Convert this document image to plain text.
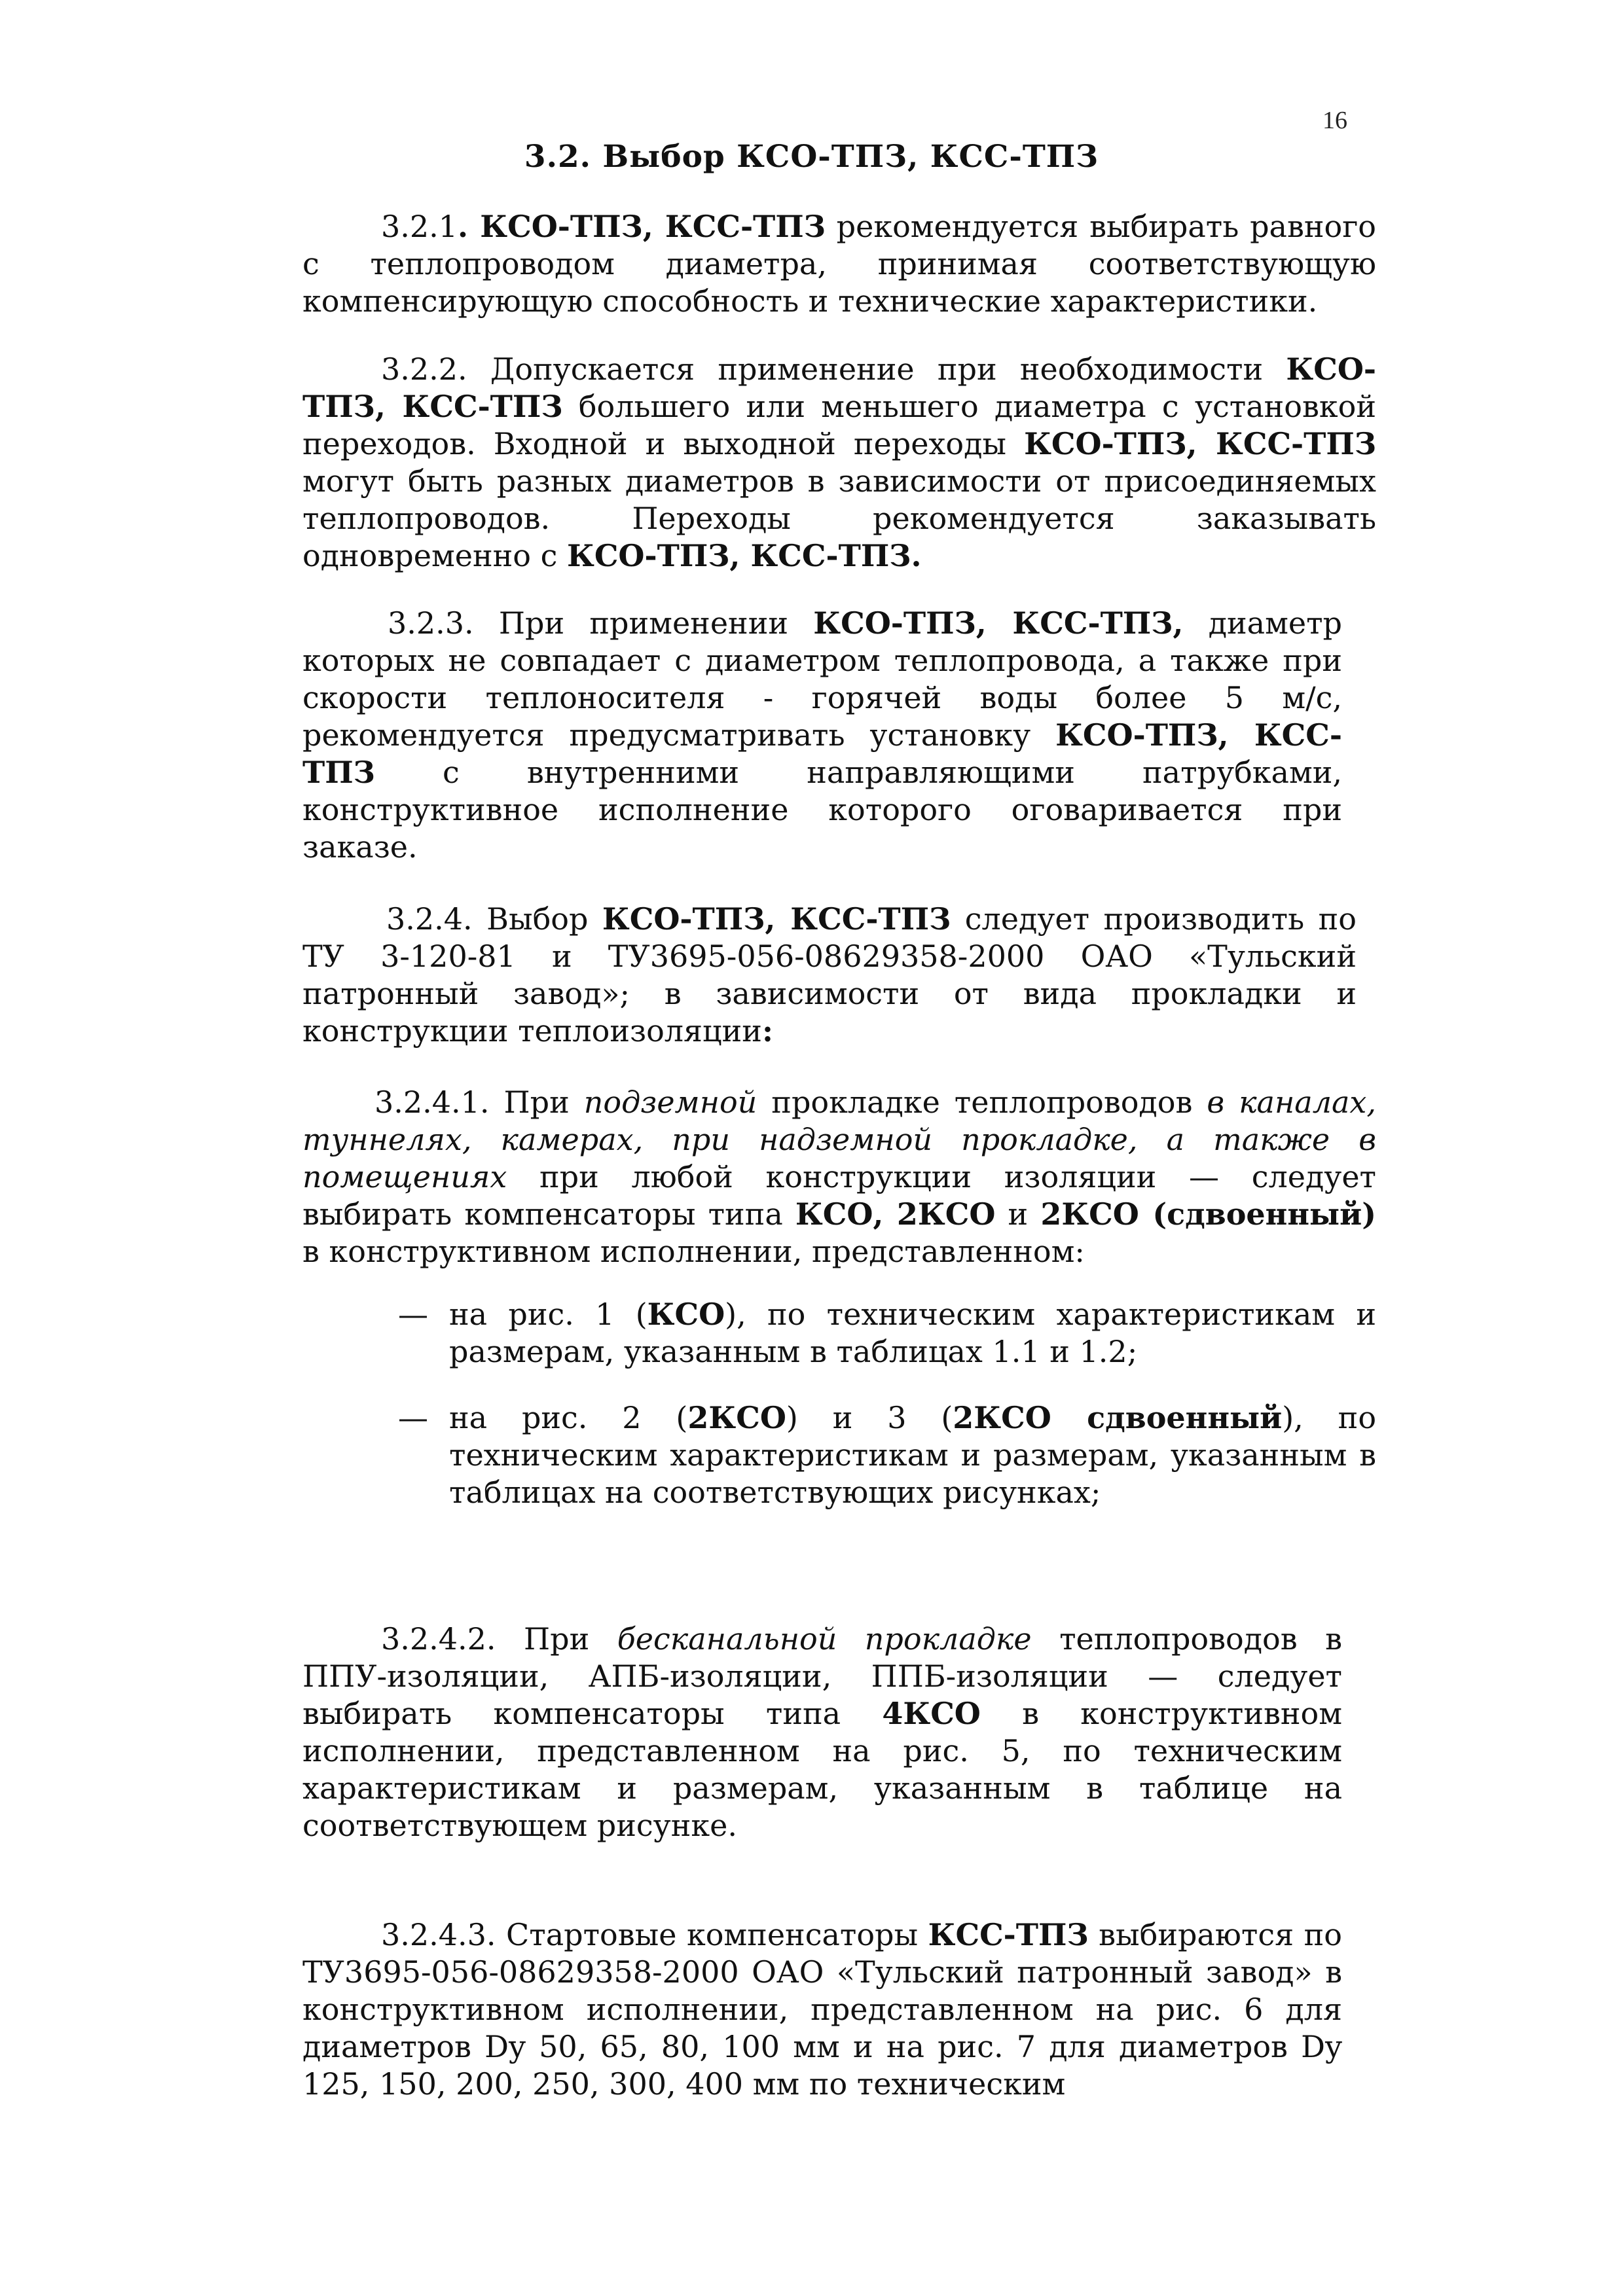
16
3.2. Выбор КСО-ТПЗ, КСС-ТПЗ

3.2.1. КСО-ТПЗ, КСС-ТПЗ рекомендуется выбирать равного с теплопроводом диаметра, принимая соответствующую компенсирующую способность и технические характеристики.

3.2.2. Допускается применение при необходимости КСО-ТПЗ, КСС-ТПЗ большего или меньшего диаметра с установкой переходов. Входной и выходной переходы КСО-ТПЗ, КСС-ТПЗ могут быть разных диаметров в зависимости от присоединяемых теплопроводов. Переходы рекомендуется заказывать одновременно с КСО-ТПЗ, КСС-ТПЗ.

3.2.3. При применении КСО-ТПЗ, КСС-ТПЗ, диаметр которых не совпадает с диаметром теплопровода, а также при скорости теплоносителя - горячей воды более 5 м/с, рекомендуется предусматривать установку КСО-ТПЗ, КСС-ТПЗ с внутренними направляющими патрубками, конструктивное исполнение которого оговаривается при заказе.

3.2.4. Выбор КСО-ТПЗ, КСС-ТПЗ следует производить по ТУ 3-120-81 и ТУ3695-056-08629358-2000 ОАО «Тульский патронный завод»; в зависимости от вида прокладки и конструкции теплоизоляции:

3.2.4.1. При подземной прокладке теплопроводов в каналах, туннелях, камерах, при надземной прокладке, а также в помещениях при любой конструкции изоляции — следует выбирать компенсаторы типа КСО, 2КСО и 2КСО (сдвоенный) в конструктивном исполнении, представленном:

— на рис. 1 (КСО), по техническим характеристикам и размерам, указанным в таблицах 1.1 и 1.2;
— на рис. 2 (2КСО) и 3 (2КСО сдвоенный), по техническим характеристикам и размерам, указанным в таблицах на соответствующих рисунках;

3.2.4.2. При бесканальной прокладке теплопроводов в ППУ-изоляции, АПБ-изоляции, ППБ-изоляции — следует выбирать компенсаторы типа 4КСО в конструктивном исполнении, представленном на рис. 5, по техническим характеристикам и размерам, указанным в таблице на соответствующем рисунке.

3.2.4.3. Стартовые компенсаторы КСС-ТПЗ выбираются по ТУ3695-056-08629358-2000 ОАО «Тульский патронный завод» в конструктивном исполнении, представленном на рис. 6 для диаметров Dy 50, 65, 80, 100 мм и на рис. 7 для диаметров Dy 125, 150, 200, 250, 300, 400 мм по техническим
